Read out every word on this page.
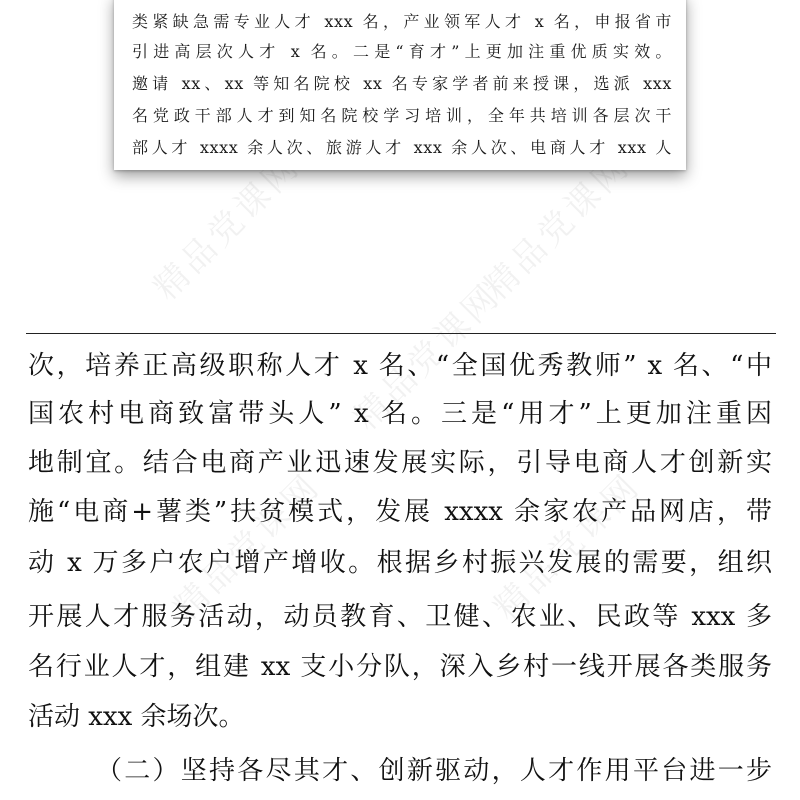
精品党课网	精品党课网
精品党课网
精品党课网	精品党课网
类紧缺急需专业人才 xxx 名，产业领军人才 x 名，申报省市
引进高层次人才 x 名。二是“育才”上更加注重优质实效。
邀请 xx、xx 等知名院校 xx 名专家学者前来授课，选派 xxx
名党政干部人才到知名院校学习培训，全年共培训各层次干
部人才 xxxx 余人次、旅游人才 xxx 余人次、电商人才 xxx 人
次，培养正高级职称人才 x 名、“全国优秀教师” x 名、“中
国农村电商致富带头人” x 名。三是“用才”上更加注重因
地制宜。结合电商产业迅速发展实际，引导电商人才创新实
施“电商+薯类”扶贫模式，发展 xxxx 余家农产品网店，带
动 x 万多户农户增产增收。根据乡村振兴发展的需要，组织
开展人才服务活动，动员教育、卫健、农业、民政等 xxx 多
名行业人才，组建 xx 支小分队，深入乡村一线开展各类服务
活动 xxx 余场次。
（二）坚持各尽其才、创新驱动，人才作用平台进一步
